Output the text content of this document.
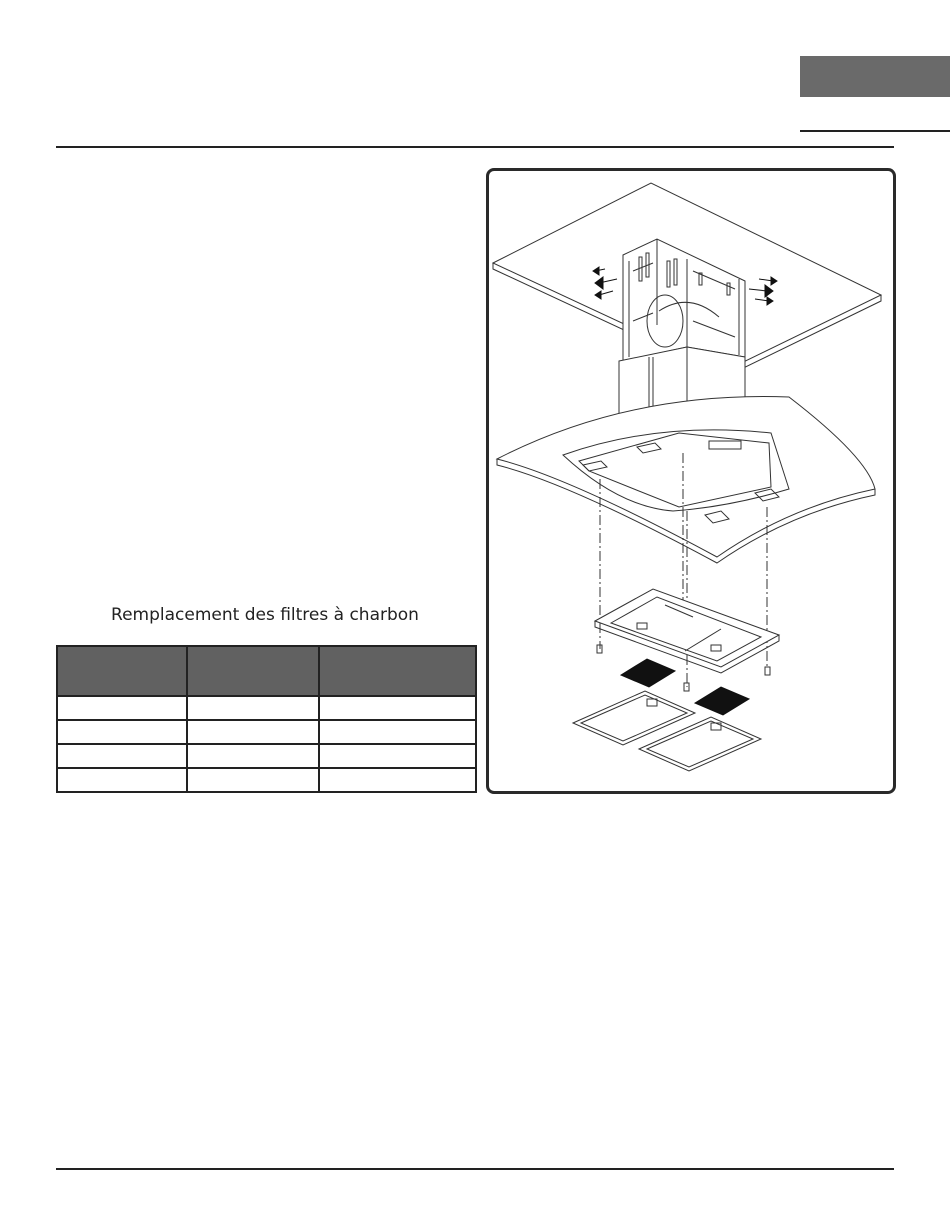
Remplacement des filtres à charbon
